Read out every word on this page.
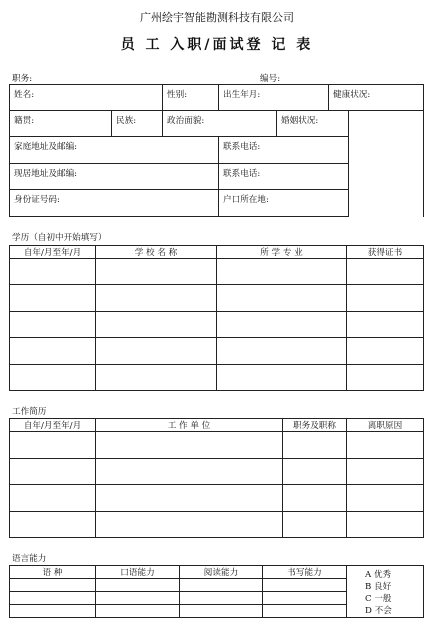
广州绘宇智能勘测科技有限公司
员 工 入职/面试登 记 表
职务:	编号:
姓名:		性别:	出生年月:		健康状况:	

籍贯:	民族:	政治面貌:		婚姻状况:		
家庭地址及邮编:			联系电话:			
现居地址及邮编:			联系电话:			
身份证号码:			户口所在地:			
学历（自初中开始填写）
自年/月至年/月	学 校 名 称	所 学 专 业	获得证书

工作简历
自年/月至年/月	工 作 单 位	职务及职称	离职原因

语言能力
语 种	口语能力	阅读能力	书写能力	A 优秀
B 良好
C 一般
D 不会
